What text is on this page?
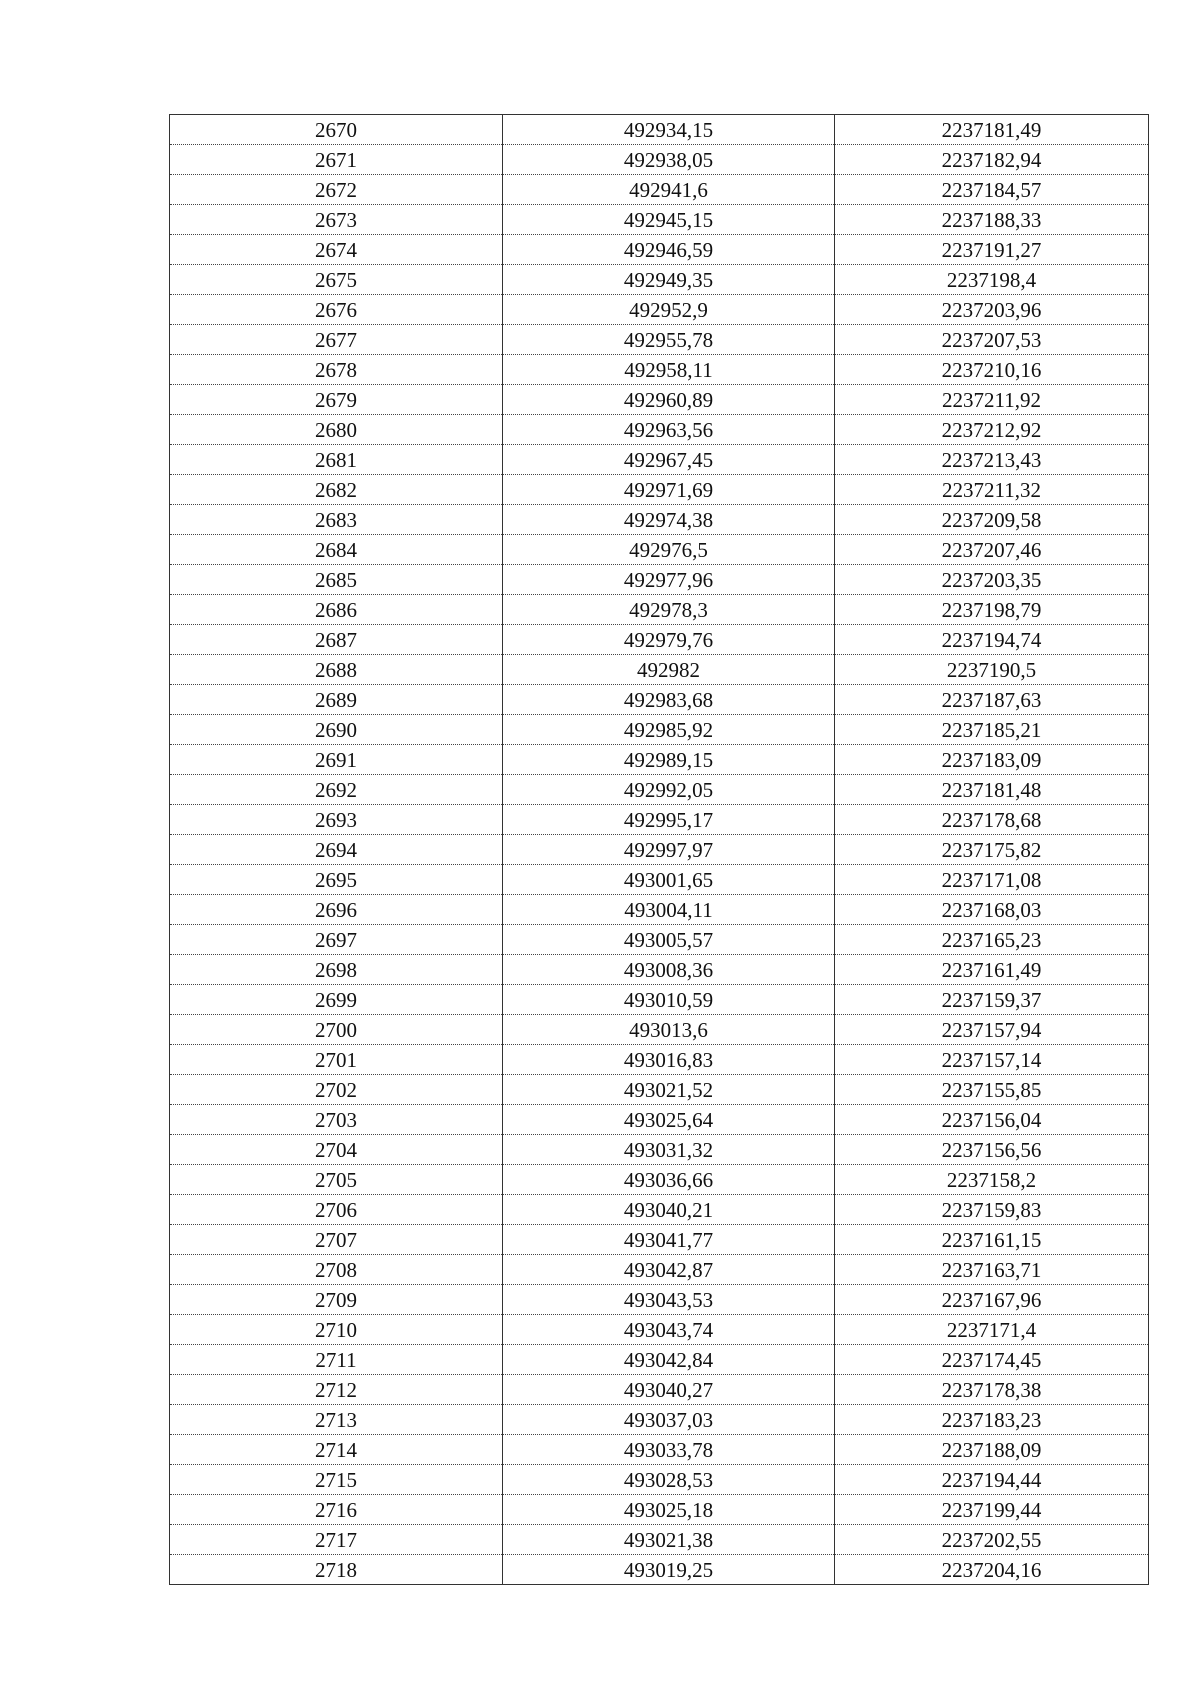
2670	492934,15	2237181,49
2671	492938,05	2237182,94
2672	492941,6	2237184,57
2673	492945,15	2237188,33
2674	492946,59	2237191,27
2675	492949,35	2237198,4
2676	492952,9	2237203,96
2677	492955,78	2237207,53
2678	492958,11	2237210,16
2679	492960,89	2237211,92
2680	492963,56	2237212,92
2681	492967,45	2237213,43
2682	492971,69	2237211,32
2683	492974,38	2237209,58
2684	492976,5	2237207,46
2685	492977,96	2237203,35
2686	492978,3	2237198,79
2687	492979,76	2237194,74
2688	492982	2237190,5
2689	492983,68	2237187,63
2690	492985,92	2237185,21
2691	492989,15	2237183,09
2692	492992,05	2237181,48
2693	492995,17	2237178,68
2694	492997,97	2237175,82
2695	493001,65	2237171,08
2696	493004,11	2237168,03
2697	493005,57	2237165,23
2698	493008,36	2237161,49
2699	493010,59	2237159,37
2700	493013,6	2237157,94
2701	493016,83	2237157,14
2702	493021,52	2237155,85
2703	493025,64	2237156,04
2704	493031,32	2237156,56
2705	493036,66	2237158,2
2706	493040,21	2237159,83
2707	493041,77	2237161,15
2708	493042,87	2237163,71
2709	493043,53	2237167,96
2710	493043,74	2237171,4
2711	493042,84	2237174,45
2712	493040,27	2237178,38
2713	493037,03	2237183,23
2714	493033,78	2237188,09
2715	493028,53	2237194,44
2716	493025,18	2237199,44
2717	493021,38	2237202,55
2718	493019,25	2237204,16
